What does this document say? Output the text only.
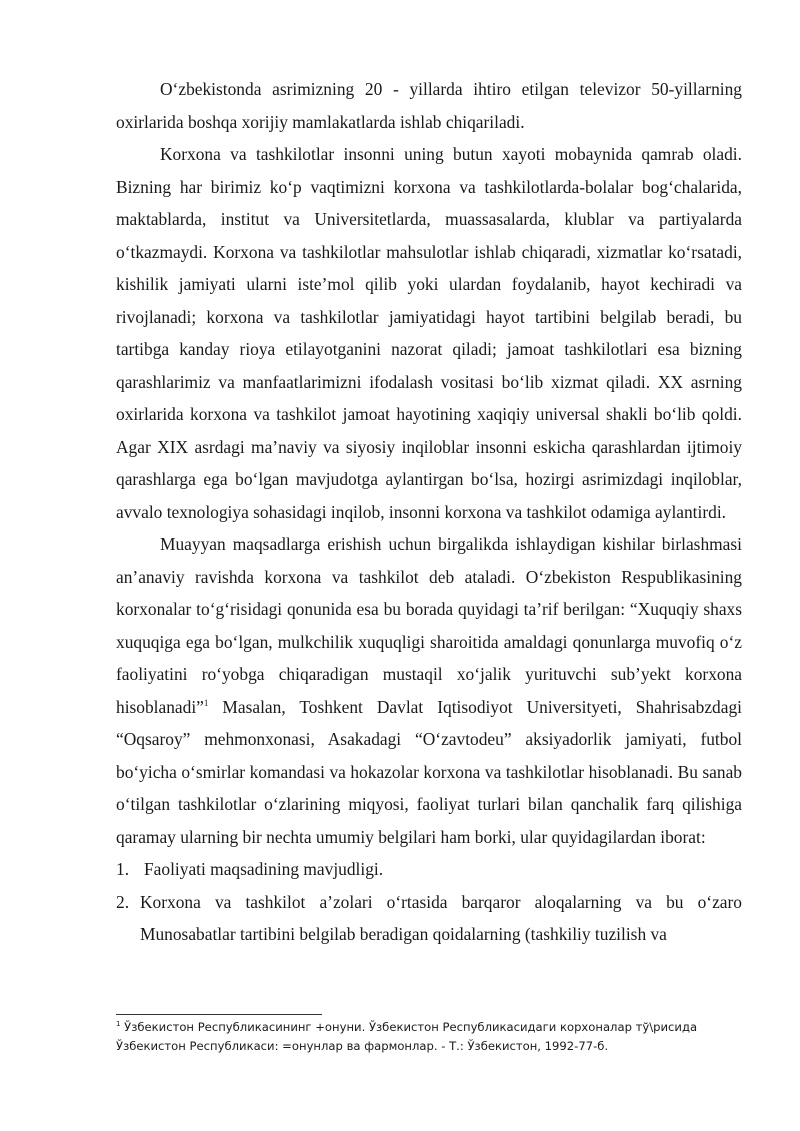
O‘zbekistonda asrimizning 20 - yillarda ihtiro etilgan televizor 50-yillarning oxirlarida boshqa xorijiy mamlakatlarda ishlab chiqariladi.

Korxona va tashkilotlar insonni uning butun xayoti mobaynida qamrab oladi. Bizning har birimiz ko‘p vaqtimizni korxona va tashkilotlarda-bolalar bog‘chalarida, maktablarda, institut va Universitetlarda, muassasalarda, klublar va partiyalarda o‘tkazmaydi. Korxona va tashkilotlar mahsulotlar ishlab chiqaradi, xizmatlar ko‘rsatadi, kishilik jamiyati ularni iste’mol qilib yoki ulardan foydalanib, hayot kechiradi va rivojlanadi; korxona va tashkilotlar jamiyatidagi hayot tartibini belgilab beradi, bu tartibga kanday rioya etilayotganini nazorat qiladi; jamoat tashkilotlari esa bizning qarashlarimiz va manfaatlarimizni ifodalash vositasi bo‘lib xizmat qiladi. XX asrning oxirlarida korxona va tashkilot jamoat hayotining xaqiqiy universal shakli bo‘lib qoldi. Agar XIX asrdagi ma’naviy va siyosiy inqiloblar insonni eskicha qarashlardan ijtimoiy qarashlarga ega bo‘lgan mavjudotga aylantirgan bo‘lsa, hozirgi asrimizdagi inqiloblar, avvalo texnologiya sohasidagi inqilob, insonni korxona va tashkilot odamiga aylantirdi.

Muayyan maqsadlarga erishish uchun birgalikda ishlaydigan kishilar birlashmasi an’anaviy ravishda korxona va tashkilot deb ataladi. O‘zbekiston Respublikasining korxonalar to‘g‘risidagi qonunida esa bu borada quyidagi ta’rif berilgan: “Xuquqiy shaxs xuquqiga ega bo‘lgan, mulkchilik xuquqligi sharoitida amaldagi qonunlarga muvofiq o‘z faoliyatini ro‘yobga chiqaradigan mustaqil xo‘jalik yurituvchi sub’yekt korxona hisoblanadi”$^1$ Masalan, Toshkent Davlat Iqtisodiyot Universityeti, Shahrisabzdagi “Oqsaroy” mehmonxonasi, Asakadagi “O‘zavtodeu” aksiyadorlik jamiyati, futbol bo‘yicha o‘smirlar komandasi va hokazolar korxona va tashkilotlar hisoblanadi. Bu sanab o‘tilgan tashkilotlar o‘zlarining miqyosi, faoliyat turlari bilan qanchalik farq qilishiga qaramay ularning bir nechta umumiy belgilari ham borki, ular quyidagilardan iborat:

1. Faoliyati maqsadining mavjudligi.
2. Korxona va tashkilot a’zolari o‘rtasida barqaror aloqalarning va bu o‘zaro Munosabatlar tartibini belgilab beradigan qoidalarning (tashkiliy tuzilish va
$^1$ Ўзбекистон Республикасининг +онуни. Ўзбекистон Республикасидаги корхоналар тў\рисида Ўзбекистон Республикаси: =онунлар ва фармонлар. - Т.: Ўзбекистон, 1992-77-б.
